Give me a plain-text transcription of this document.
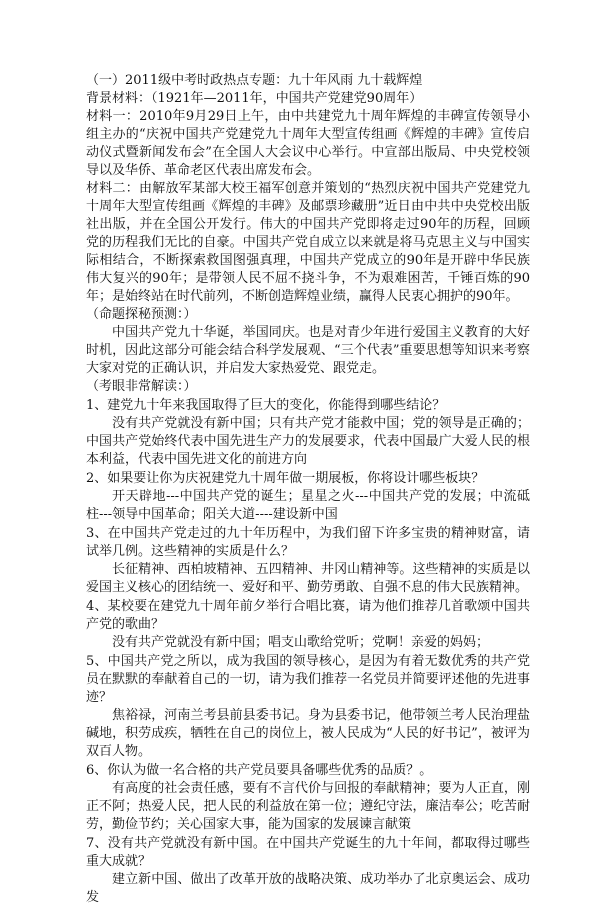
（一）2011级中考时政热点专题：九十年风雨 九十载辉煌

背景材料：（1921年—2011年，中国共产党建党90周年）

材料一：2010年9月29日上午，由中共建党九十周年辉煌的丰碑宣传领导小组主办的“庆祝中国共产党建党九十周年大型宣传组画《辉煌的丰碑》宣传启动仪式暨新闻发布会”在全国人大会议中心举行。中宣部出版局、中央党校领导以及华侨、革命老区代表出席发布会。

材料二：由解放军某部大校王福军创意并策划的“热烈庆祝中国共产党建党九十周年大型宣传组画《辉煌的丰碑》及邮票珍藏册”近日由中共中央党校出版社出版，并在全国公开发行。伟大的中国共产党即将走过90年的历程，回顾党的历程我们无比的自豪。中国共产党自成立以来就是将马克思主义与中国实际相结合，不断探索救国图强真理，中国共产党成立的90年是开辟中华民族伟大复兴的90年；是带领人民不屈不挠斗争，不为艰难困苦，千锤百炼的90年；是始终站在时代前列，不断创造辉煌业绩，赢得人民衷心拥护的90年。

（命题探秘预测：）

中国共产党九十华诞，举国同庆。也是对青少年进行爱国主义教育的大好时机，因此这部分可能会结合科学发展观、“三个代表”重要思想等知识来考察大家对党的正确认识，并启发大家热爱党、跟党走。

（考眼非常解读：）

1、建党九十年来我国取得了巨大的变化，你能得到哪些结论？

没有共产党就没有新中国；只有共产党才能救中国；党的领导是正确的；中国共产党始终代表中国先进生产力的发展要求，代表中国最广大爱人民的根本利益，代表中国先进文化的前进方向

2、如果要让你为庆祝建党九十周年做一期展板，你将设计哪些板块？

开天辟地---中国共产党的诞生；星星之火---中国共产党的发展；中流砥柱---领导中国革命；阳关大道----建设新中国

3、在中国共产党走过的九十年历程中，为我们留下许多宝贵的精神财富，请试举几例。这些精神的实质是什么？

长征精神、西柏坡精神、五四精神、井冈山精神等。这些精神的实质是以爱国主义核心的团结统一、爱好和平、勤劳勇敢、自强不息的伟大民族精神。

4、某校要在建党九十周年前夕举行合唱比赛，请为他们推荐几首歌颂中国共产党的歌曲？

没有共产党就没有新中国；唱支山歌给党听；党啊！亲爱的妈妈；

5、中国共产党之所以，成为我国的领导核心，是因为有着无数优秀的共产党员在默默的奉献着自己的一切，请为我们推荐一名党员并简要评述他的先进事迹？

焦裕禄，河南兰考县前县委书记。身为县委书记，他带领兰考人民治理盐碱地，积劳成疾，牺牲在自己的岗位上，被人民成为“人民的好书记”，被评为双百人物。

6、你认为做一名合格的共产党员要具备哪些优秀的品质？。

有高度的社会责任感，要有不言代价与回报的奉献精神；要为人正直，刚正不阿；热爱人民，把人民的利益放在第一位；遵纪守法，廉洁奉公；吃苦耐劳，勤俭节约；关心国家大事，能为国家的发展谏言献策

7、没有共产党就没有新中国。在中国共产党诞生的九十年间，都取得过哪些重大成就？

建立新中国、做出了改革开放的战略决策、成功举办了北京奥运会、成功发
